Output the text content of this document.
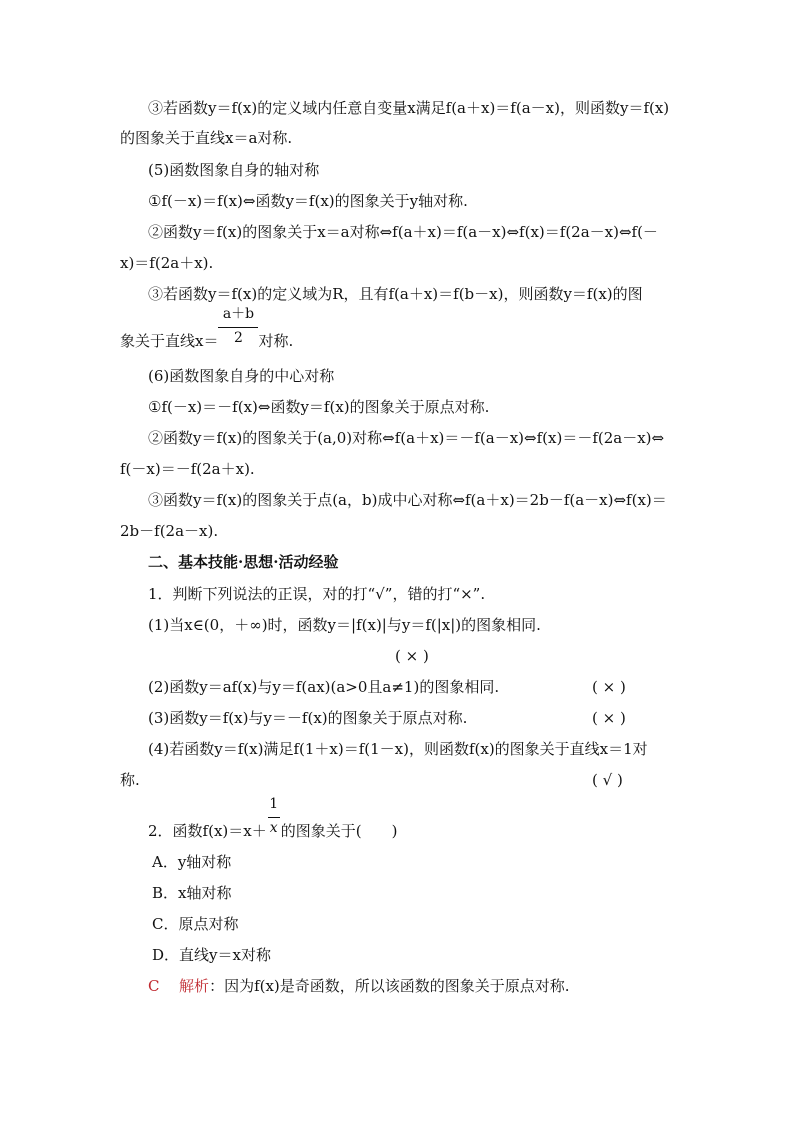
③若函数y＝f(x)的定义域内任意自变量x满足f(a＋x)＝f(a－x)，则函数y＝f(x)
的图象关于直线x＝a对称.
(5)函数图象自身的轴对称
①f(－x)＝f(x)⇔函数y＝f(x)的图象关于y轴对称.
②函数y＝f(x)的图象关于x＝a对称⇔f(a＋x)＝f(a－x)⇔f(x)＝f(2a－x)⇔f(－
x)＝f(2a＋x).
③若函数y＝f(x)的定义域为R，且有f(a＋x)＝f(b－x)，则函数y＝f(x)的图
象关于直线$x= \frac{a+b}{2}$ 对称.
(6)函数图象自身的中心对称
①f(－x)＝－f(x)⇔函数y＝f(x)的图象关于原点对称.
②函数y＝f(x)的图象关于(a,0)对称⇔f(a＋x)＝－f(a－x)⇔f(x)＝－f(2a－x)⇔
f(－x)＝－f(2a＋x).
③函数y＝f(x)的图象关于点(a，b)成中心对称⇔f(a＋x)＝2b－f(a－x)⇔f(x)＝
2b－f(2a－x).
二、基本技能·思想·活动经验
1．判断下列说法的正误，对的打“√”，错的打“×”.
(1)当x∈(0，＋∞)时，函数y＝|f(x)|与y＝f(|x|)的图象相同.
( × )
(2)函数y＝af(x)与y＝f(ax)(a>0且a≠1)的图象相同.	( × )
(3)函数y＝f(x)与y＝－f(x)的图象关于原点对称.	( × )
(4)若函数y＝f(x)满足f(1＋x)＝f(1－x)，则函数f(x)的图象关于直线x＝1对
称.	( √ )
2．函数$f(x)=x+ \frac{1}{x}$ 的图象关于(　　)
A．y轴对称
B．x轴对称
C．原点对称
D．直线y＝x对称
C 解析：因为f(x)是奇函数，所以该函数的图象关于原点对称.
